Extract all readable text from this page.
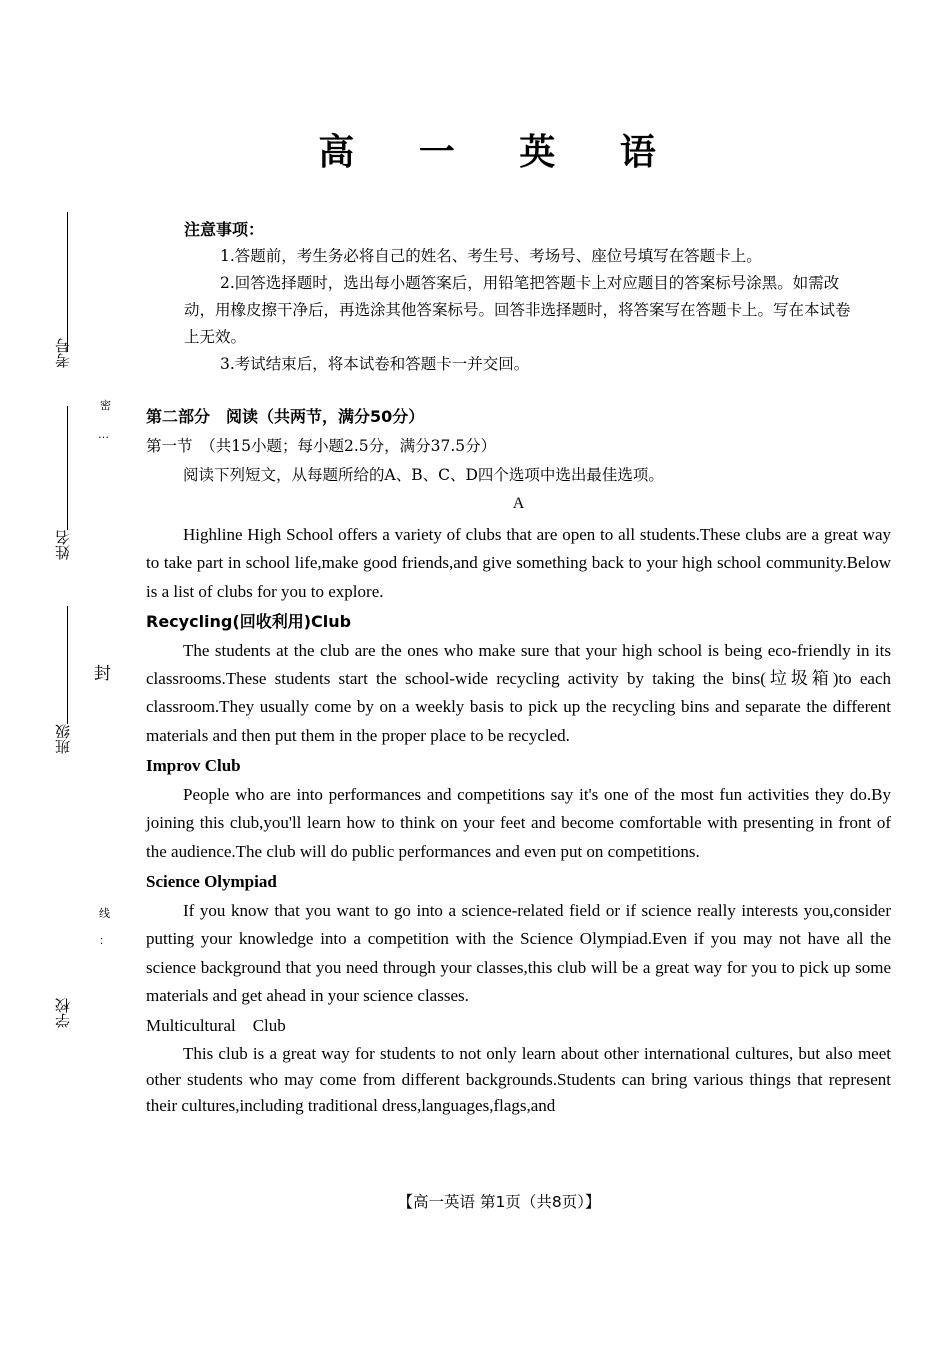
考号
姓名
班级
学校
密
…
封
线
：
高 一 英 语
注意事项：
1.答题前，考生务必将自己的姓名、考生号、考场号、座位号填写在答题卡上。
2.回答选择题时，选出每小题答案后，用铅笔把答题卡上对应题目的答案标号涂黑。如需改动，用橡皮擦干净后，再选涂其他答案标号。回答非选择题时，将答案写在答题卡上。写在本试卷上无效。
3.考试结束后，将本试卷和答题卡一并交回。
第二部分　阅读（共两节，满分50分）
第一节　（共15小题；每小题2.5分，满分37.5分）
阅读下列短文，从每题所给的A、B、C、D四个选项中选出最佳选项。
A

Highline High School offers a variety of clubs that are open to all students.These clubs are a great way to take part in school life,make good friends,and give something back to your high school community.Below is a list of clubs for you to explore.

Recycling(回收利用)Club

The students at the club are the ones who make sure that your high school is being eco-friendly in its classrooms.These students start the school-wide recycling activity by taking the bins(垃圾箱)to each classroom.They usually come by on a weekly basis to pick up the recycling bins and separate the different materials and then put them in the proper place to be recycled.

Improv Club

People who are into performances and competitions say it's one of the most fun activities they do.By joining this club,you'll learn how to think on your feet and become comfortable with presenting in front of the audience.The club will do public performances and even put on competitions.

Science Olympiad

If you know that you want to go into a science-related field or if science really interests you,consider putting your knowledge into a competition with the Science Olympiad.Even if you may not have all the science background that you need through your classes,this club will be a great way for you to pick up some materials and get ahead in your science classes.

Multicultural　Club

This club is a great way for students to not only learn about other international cultures, but also meet other students who may come from different backgrounds.Students can bring various things that represent their cultures,including traditional dress,languages,flags,and

【高一英语 第1页（共8页）】
